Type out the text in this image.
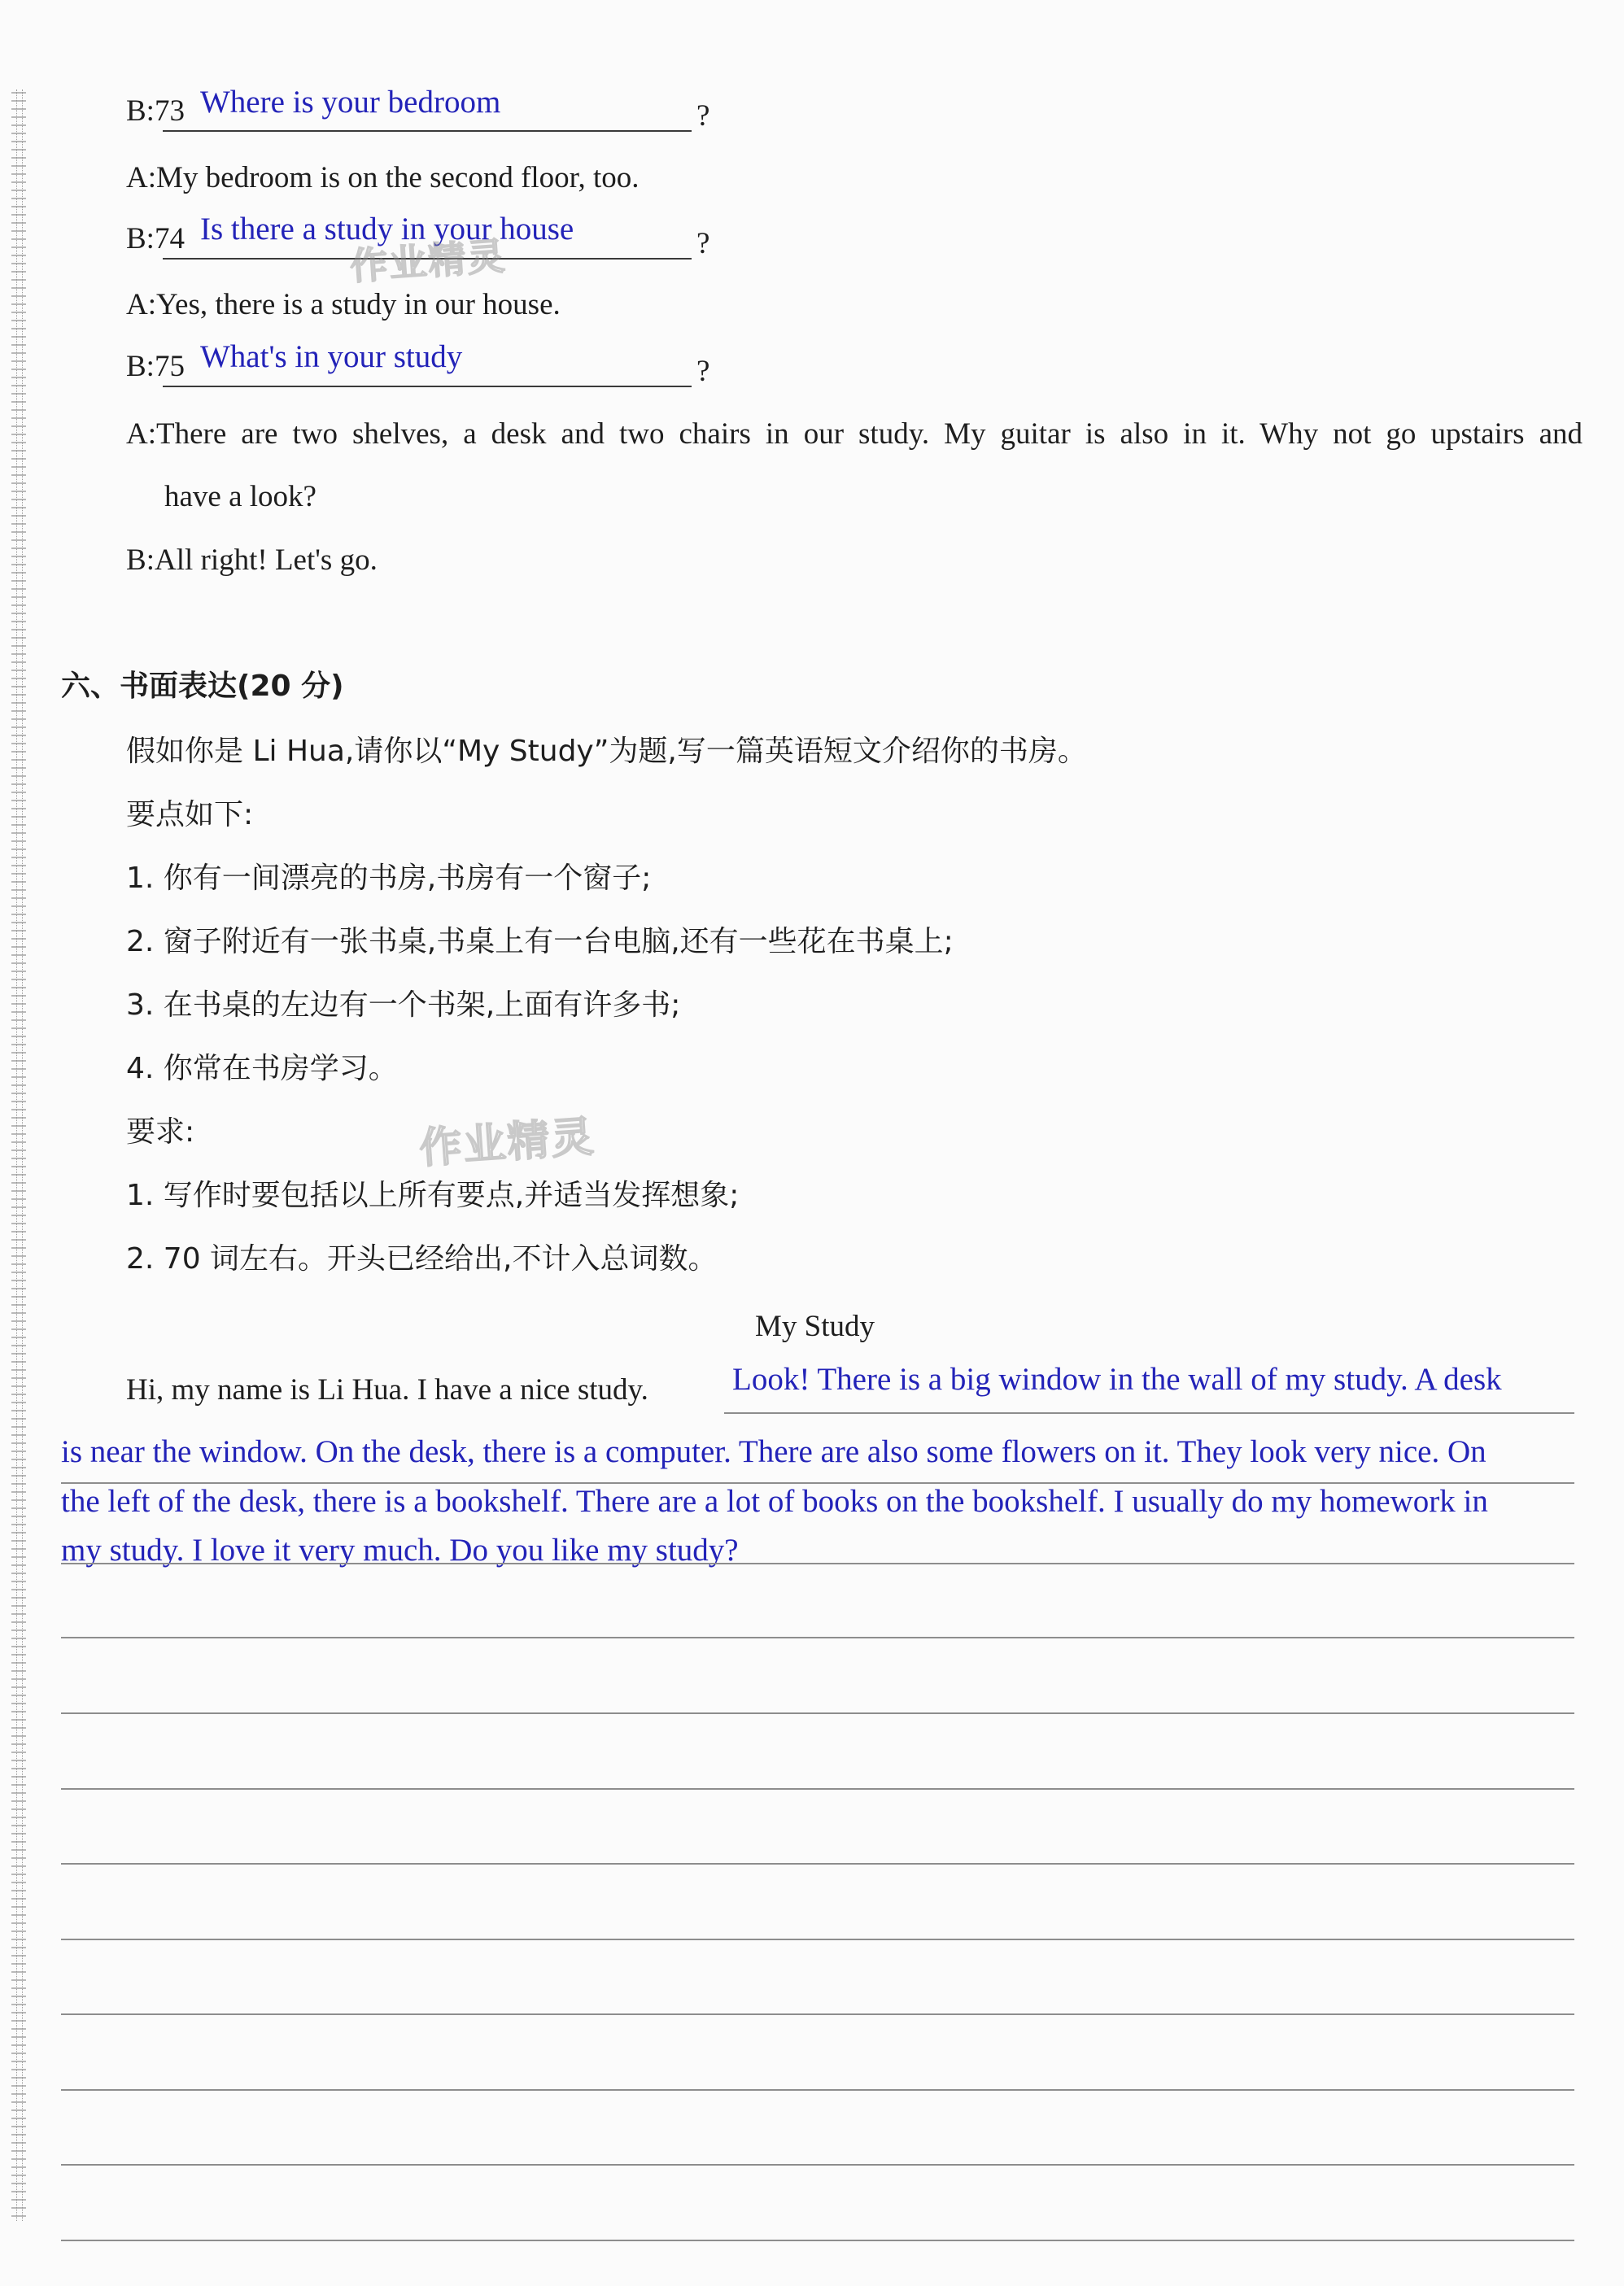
B:73 Where is your bedroom	?
A:My bedroom is on the second floor, too.
B:74 Is there a study in your house	?
A:Yes, there is a study in our house.
B:75 What's in your study	?
A:There are two shelves, a desk and two chairs in our study. My guitar is also in it. Why not go upstairs and
have a look?
B:All right! Let's go.
六、书面表达(20 分)
假如你是 Li Hua,请你以“My Study”为题,写一篇英语短文介绍你的书房。
要点如下:
1. 你有一间漂亮的书房,书房有一个窗子;
2. 窗子附近有一张书桌,书桌上有一台电脑,还有一些花在书桌上;
3. 在书桌的左边有一个书架,上面有许多书;
4. 你常在书房学习。
要求:
1. 写作时要包括以上所有要点,并适当发挥想象;
2. 70 词左右。开头已经给出,不计入总词数。
作业精灵
作业精灵
My Study
Hi, my name is Li Hua. I have a nice study.	Look! There is a big window in the wall of my study. A desk
is near the window. On the desk, there is a computer. There are also some flowers on it. They look very nice. On
the left of the desk, there is a bookshelf. There are a lot of books on the bookshelf. I usually do my homework in
my study. I love it very much. Do you like my study?
